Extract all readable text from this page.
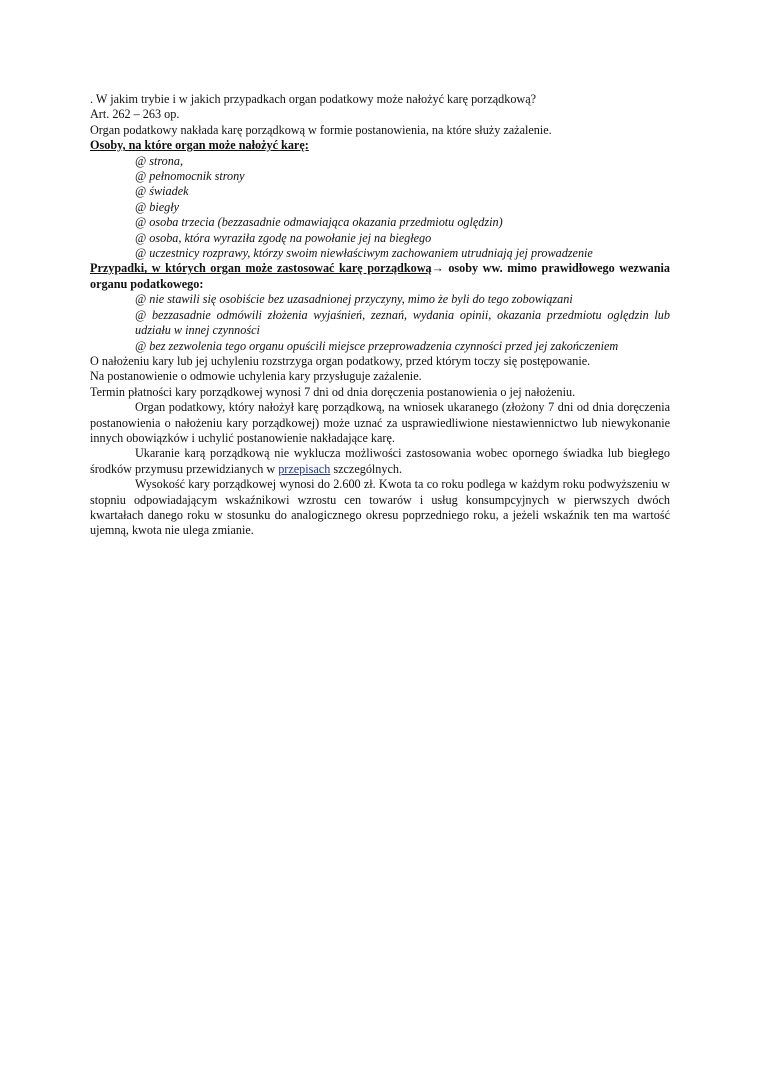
. W jakim trybie i w jakich przypadkach organ podatkowy może nałożyć karę porządkową?

Art. 262 – 263 op.

Organ podatkowy nakłada karę porządkową w formie postanowienia, na które służy zażalenie.

Osoby, na które organ może nałożyć karę:

@ strona,
@ pełnomocnik strony
@ świadek
@ biegły
@ osoba trzecia (bezzasadnie odmawiająca okazania przedmiotu oględzin)
@ osoba, która wyraziła zgodę na powołanie jej na biegłego
@ uczestnicy rozprawy, którzy swoim niewłaściwym zachowaniem utrudniają jej prowadzenie

Przypadki, w których organ może zastosować karę porządkową→ osoby ww. mimo prawidłowego wezwania organu podatkowego:

@ nie stawili się osobiście bez uzasadnionej przyczyny, mimo że byli do tego zobowiązani
@ bezzasadnie odmówili złożenia wyjaśnień, zeznań, wydania opinii, okazania przedmiotu oględzin lub udziału w innej czynności
@ bez zezwolenia tego organu opuścili miejsce przeprowadzenia czynności przed jej zakończeniem

O nałożeniu kary lub jej uchyleniu rozstrzyga organ podatkowy, przed którym toczy się postępowanie.

Na postanowienie o odmowie uchylenia kary przysługuje zażalenie.

Termin płatności kary porządkowej wynosi 7 dni od dnia doręczenia postanowienia o jej nałożeniu.

Organ podatkowy, który nałożył karę porządkową, na wniosek ukaranego (złożony 7 dni od dnia doręczenia postanowienia o nałożeniu kary porządkowej) może uznać za usprawiedliwione niestawiennictwo lub niewykonanie innych obowiązków i uchylić postanowienie nakładające karę.

Ukaranie karą porządkową nie wyklucza możliwości zastosowania wobec opornego świadka lub biegłego środków przymusu przewidzianych w przepisach szczególnych.

Wysokość kary porządkowej wynosi do 2.600 zł. Kwota ta co roku podlega w każdym roku podwyższeniu w stopniu odpowiadającym wskaźnikowi wzrostu cen towarów i usług konsumpcyjnych w pierwszych dwóch kwartałach danego roku w stosunku do analogicznego okresu poprzedniego roku, a jeżeli wskaźnik ten ma wartość ujemną, kwota nie ulega zmianie.
